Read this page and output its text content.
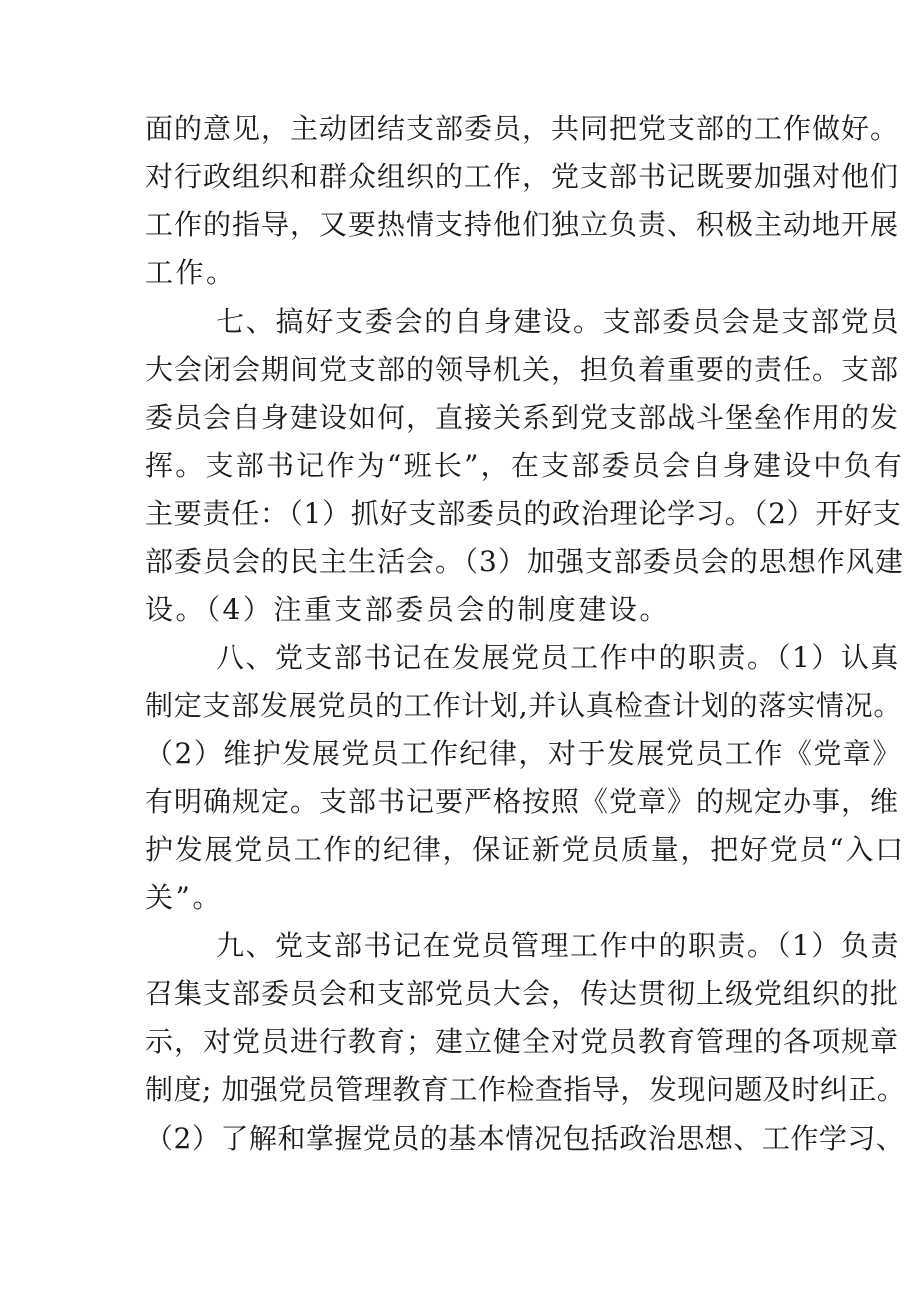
面的意见，主动团结支部委员，共同把党支部的工作做好。
对行政组织和群众组织的工作，党支部书记既要加强对他们
工作的指导，又要热情支持他们独立负责、积极主动地开展
工作。
七、搞好支委会的自身建设。支部委员会是支部党员
大会闭会期间党支部的领导机关，担负着重要的责任。支部
委员会自身建设如何，直接关系到党支部战斗堡垒作用的发
挥。支部书记作为“班长”，在支部委员会自身建设中负有
主要责任：（1）抓好支部委员的政治理论学习。（2）开好支
部委员会的民主生活会。（3）加强支部委员会的思想作风建
设。（4）注重支部委员会的制度建设。
八、党支部书记在发展党员工作中的职责。（1）认真
制定支部发展党员的工作计划,并认真检查计划的落实情况。
（2）维护发展党员工作纪律，对于发展党员工作《党章》
有明确规定。支部书记要严格按照《党章》的规定办事，维
护发展党员工作的纪律，保证新党员质量，把好党员“入口
关”。
九、党支部书记在党员管理工作中的职责。（1）负责
召集支部委员会和支部党员大会，传达贯彻上级党组织的批
示，对党员进行教育；建立健全对党员教育管理的各项规章
制度; 加强党员管理教育工作检查指导，发现问题及时纠正。
（2）了解和掌握党员的基本情况包括政治思想、工作学习、
